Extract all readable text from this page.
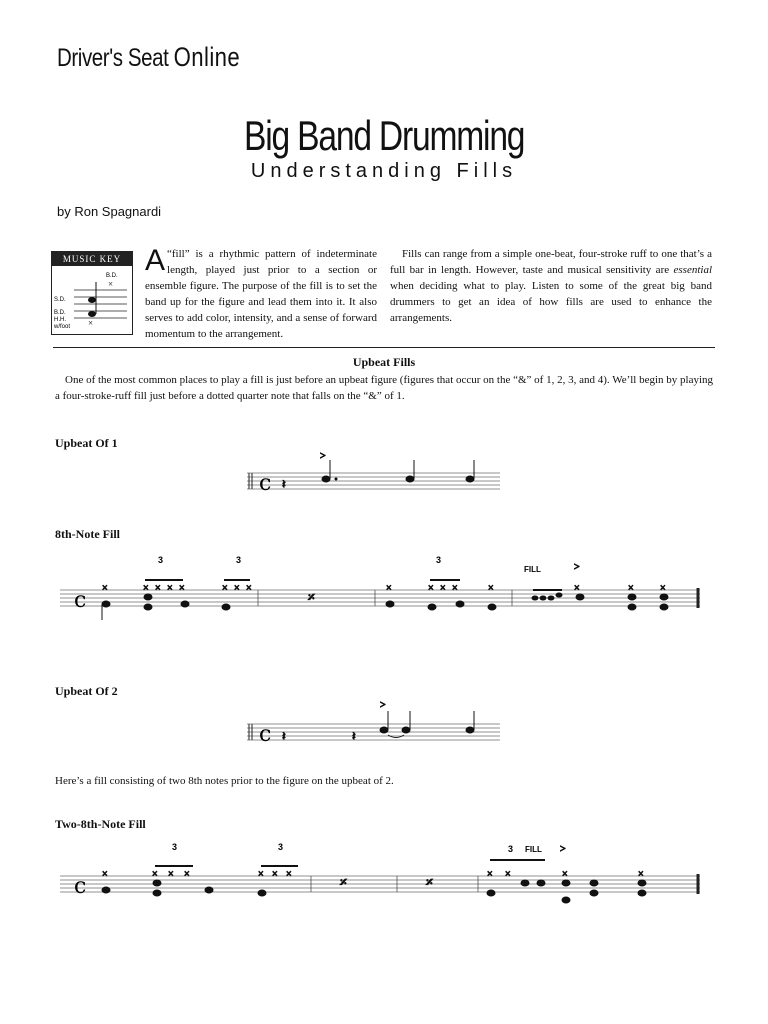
Driver's Seat Online
Big Band Drumming
Understanding Fills
by Ron Spagnardi
MUSIC KEY
B.D.
S.D.
B.D.
H.H.
w/foot
×
×
A “fill” is a rhythmic pattern of indeterminate length, played just prior to a section or ensemble figure. The purpose of the fill is to set the band up for the figure and lead them into it. It also serves to add color, intensity, and a sense of forward momentum to the arrangement.
Fills can range from a simple one-beat, four-stroke ruff to one that’s a full bar in length. However, taste and musical sensitivity are essential when deciding what to play. Listen to some of the great big band drummers to get an idea of how fills are used to enhance the arrangements.
Upbeat Fills
One of the most common places to play a fill is just before an upbeat figure (figures that occur on the “&” of 1, 2, 3, and 4). We’ll begin by playing a four-stroke-ruff fill just before a dotted quarter note that falls on the “&” of 1.
Upbeat Of 1
8th-Note Fill
Upbeat Of 2
Here’s a fill consisting of two 8th notes prior to the figure on the upbeat of 2.
Two-8th-Note Fill
c 𝄽
>
c ×	× × × ×	× × ×
𝄎
×	× × ×	×	×
>
×	×
FILL
3	3	3
c 𝄽	𝄽
>
c ×	× × ×	× × ×
𝄎	𝄎
× ×	×
>
×
FILL
3	3	3
